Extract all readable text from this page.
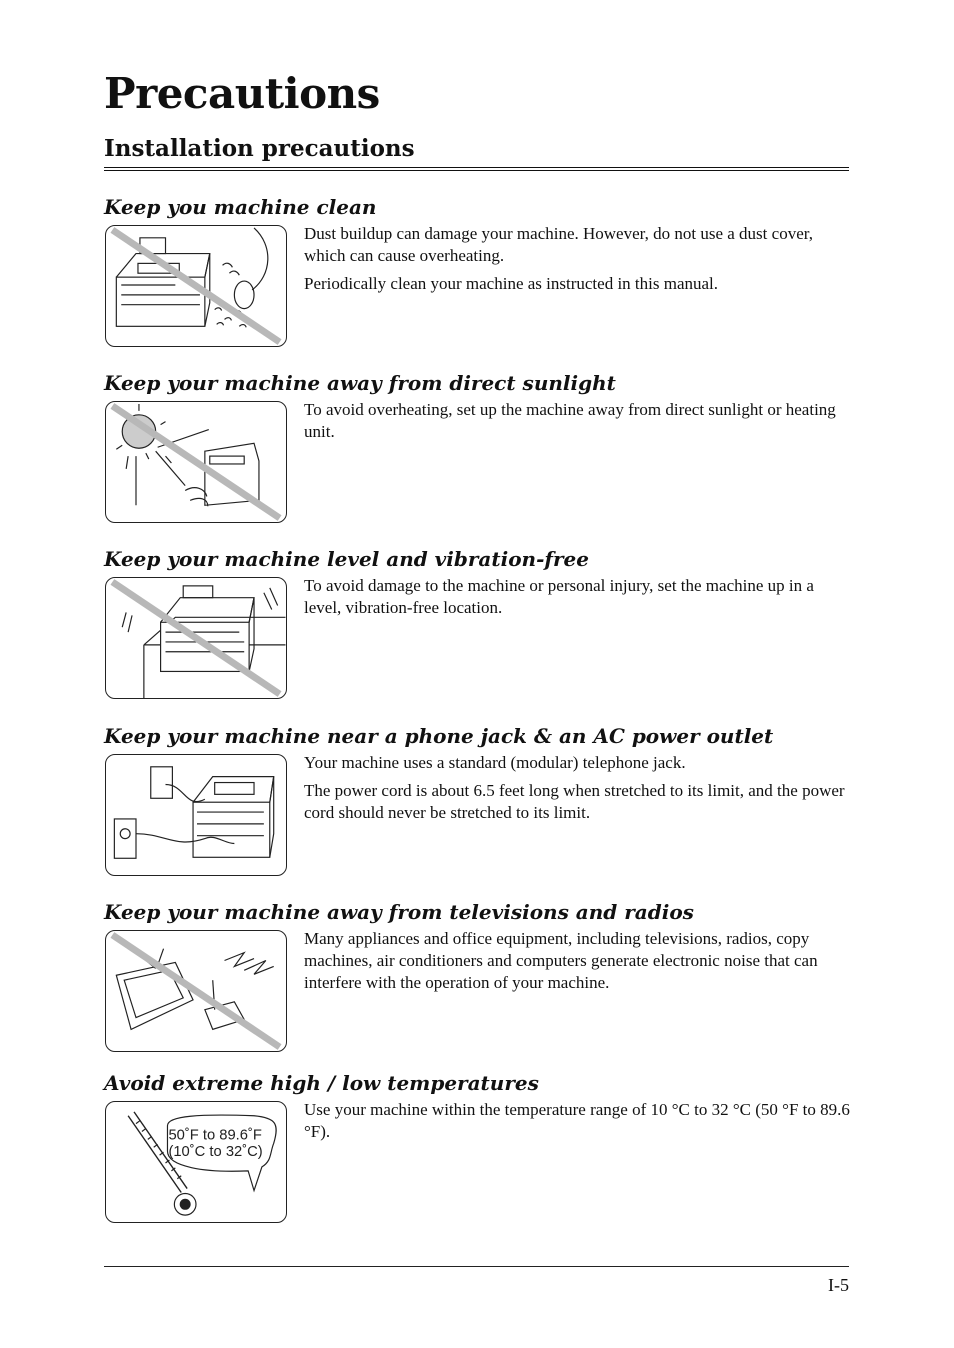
Precautions
Installation precautions
Keep you machine clean

Dust buildup can damage your machine. However, do not use a dust cover, which can cause overheating.

Periodically clean your machine as instructed in this manual.

Keep your machine away from direct sunlight

To avoid overheating, set up the machine away from direct sunlight or heating unit.

Keep your machine level and vibration-free

To avoid damage to the machine or personal injury, set the machine up in a level, vibration-free location.

Keep your machine near a phone jack & an AC power outlet

Your machine uses a standard (modular) telephone jack.

The power cord is about 6.5 feet long when stretched to its limit, and the power cord should never be stretched to its limit.

Keep your machine away from televisions and radios

Many appliances and office equipment, including televisions, radios, copy machines, air conditioners and computers generate electronic noise that can interfere with the operation of your machine.

Avoid extreme high / low temperatures
50˚F to 89.6˚F
(10˚C to 32˚C)

Use your machine within the temperature range of 10 °C to 32 °C (50 °F to 89.6 °F).

I-5
